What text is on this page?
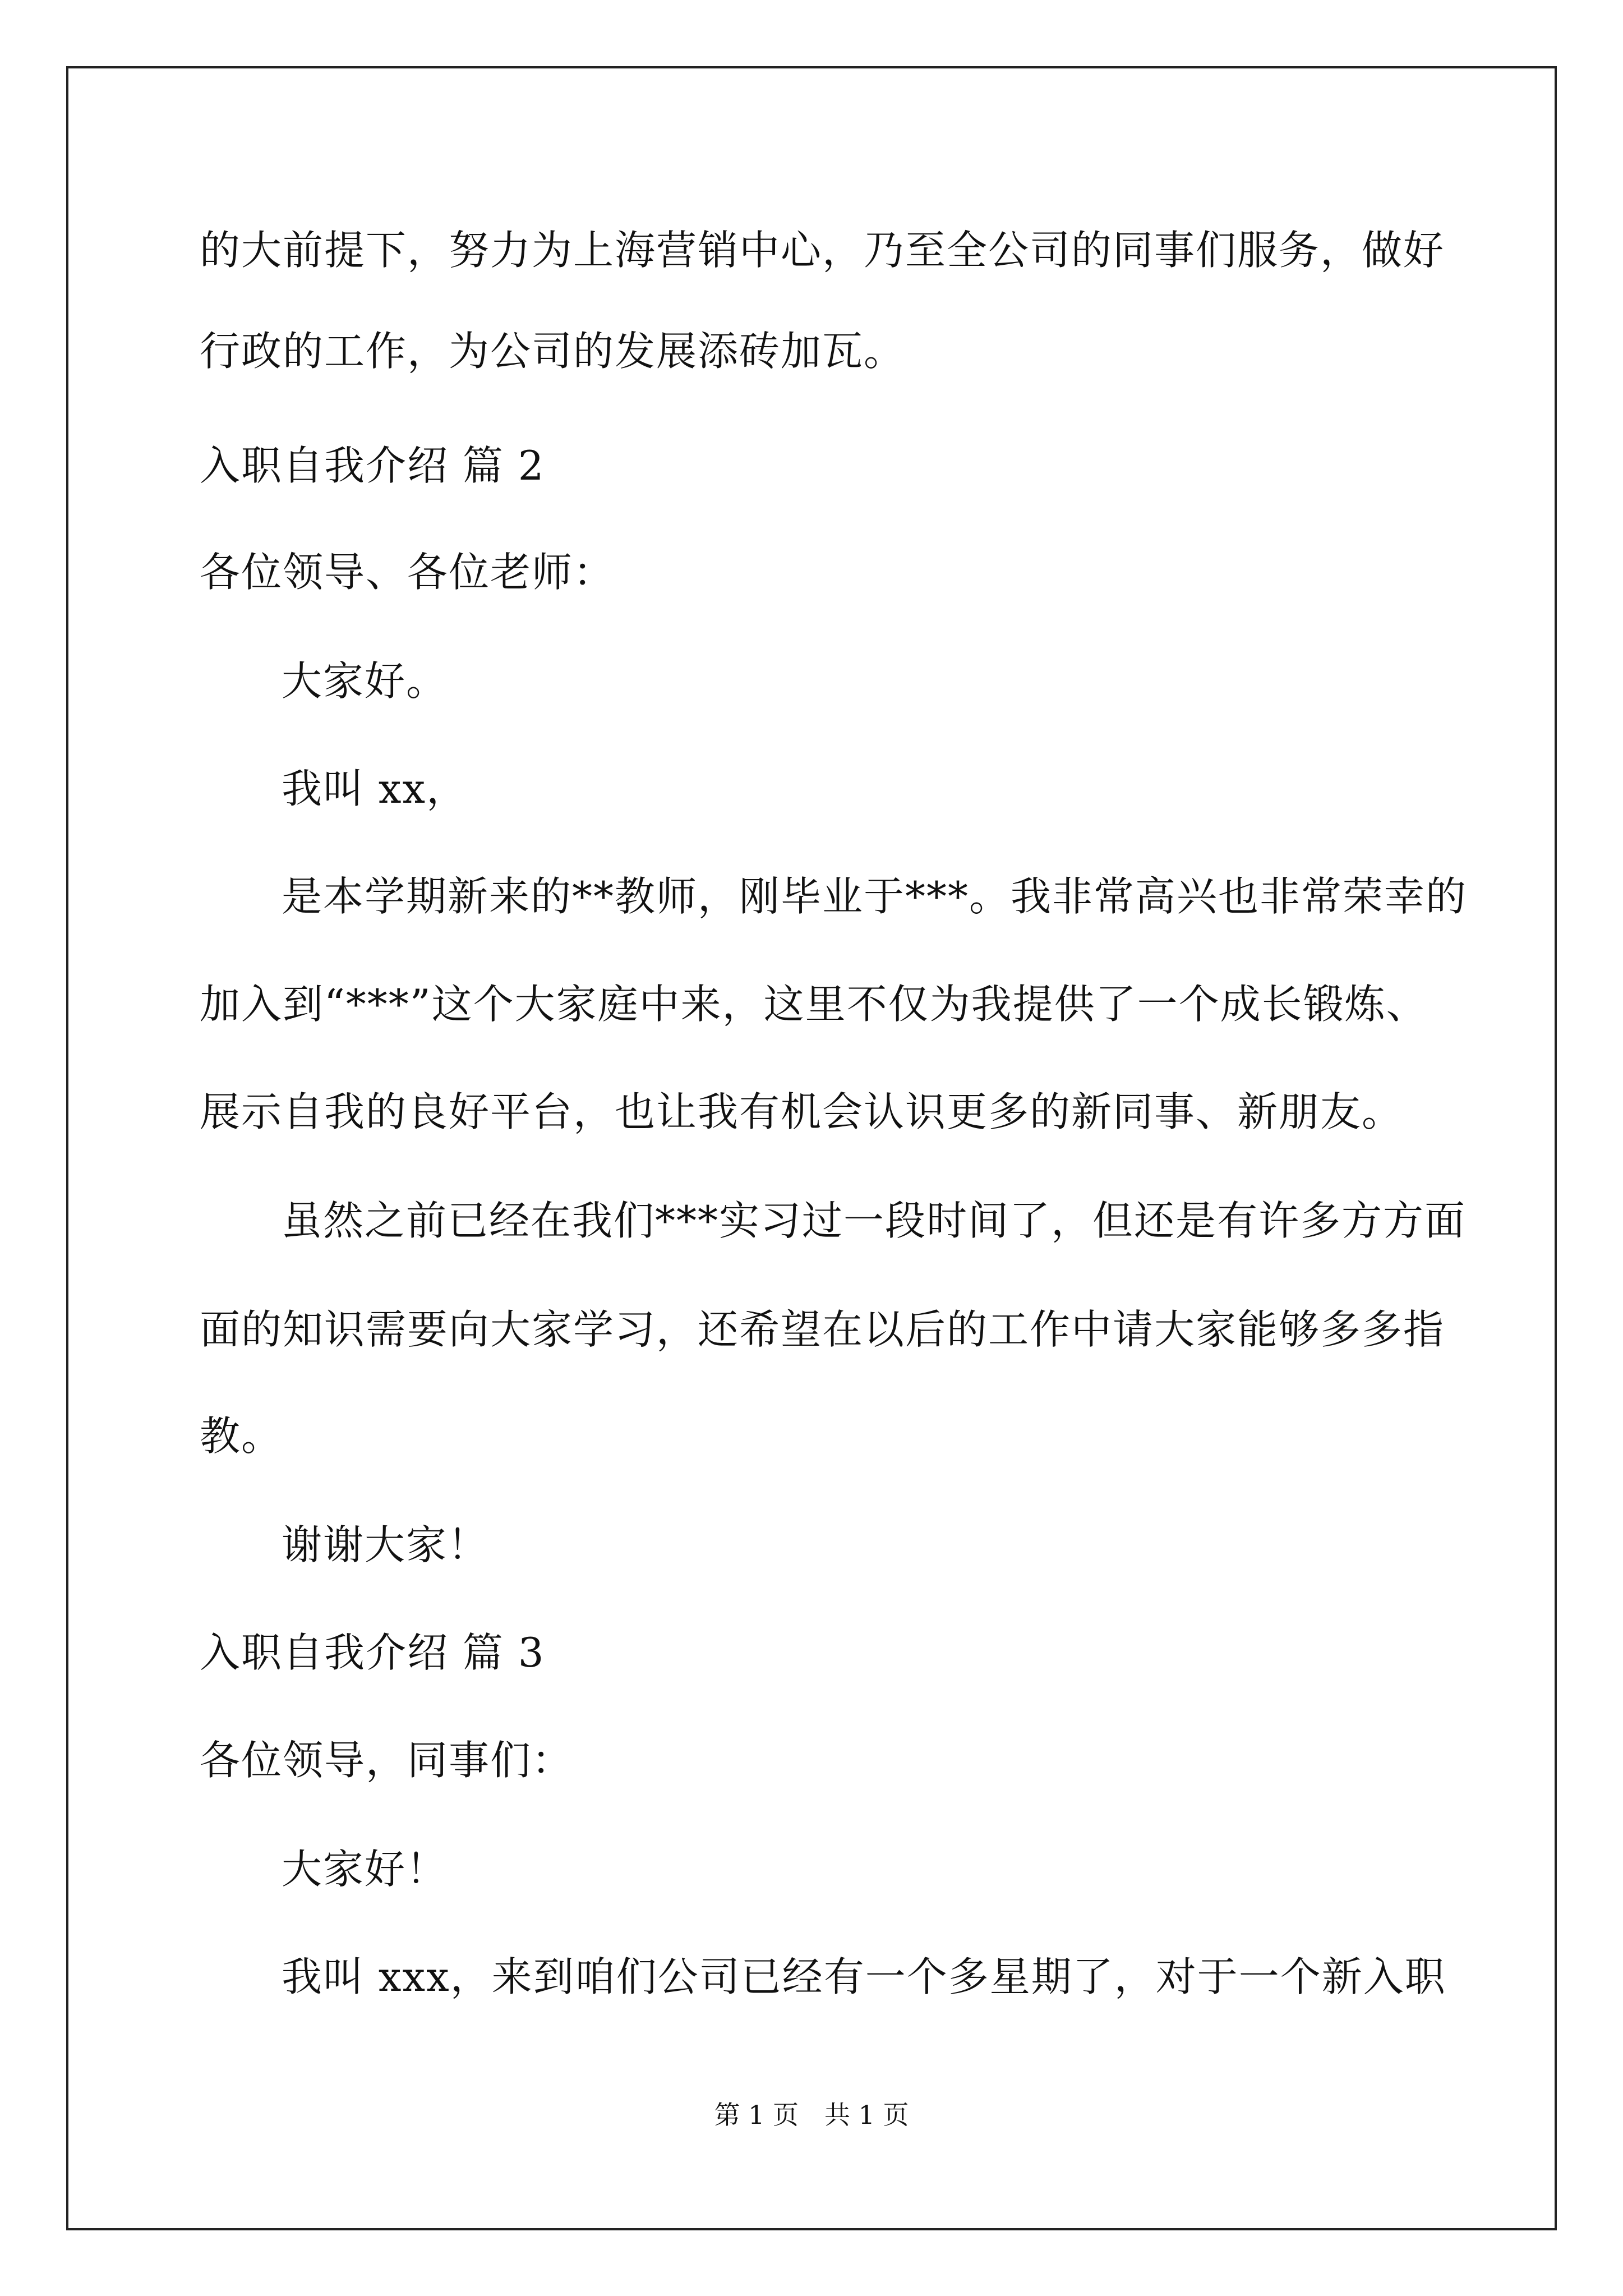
的大前提下，努力为上海营销中心，乃至全公司的同事们服务，做好
行政的工作，为公司的发展添砖加瓦。
入职自我介绍 篇 2
各位领导、各位老师：
大家好。
我叫 xx，
是本学期新来的**教师，刚毕业于***。我非常高兴也非常荣幸的
加入到“***”这个大家庭中来，这里不仅为我提供了一个成长锻炼、
展示自我的良好平台，也让我有机会认识更多的新同事、新朋友。
虽然之前已经在我们***实习过一段时间了，但还是有许多方方面
面的知识需要向大家学习，还希望在以后的工作中请大家能够多多指
教。
谢谢大家！
入职自我介绍 篇 3
各位领导，同事们：
大家好！
我叫 xxx，来到咱们公司已经有一个多星期了，对于一个新入职
第 1 页　共 1 页
